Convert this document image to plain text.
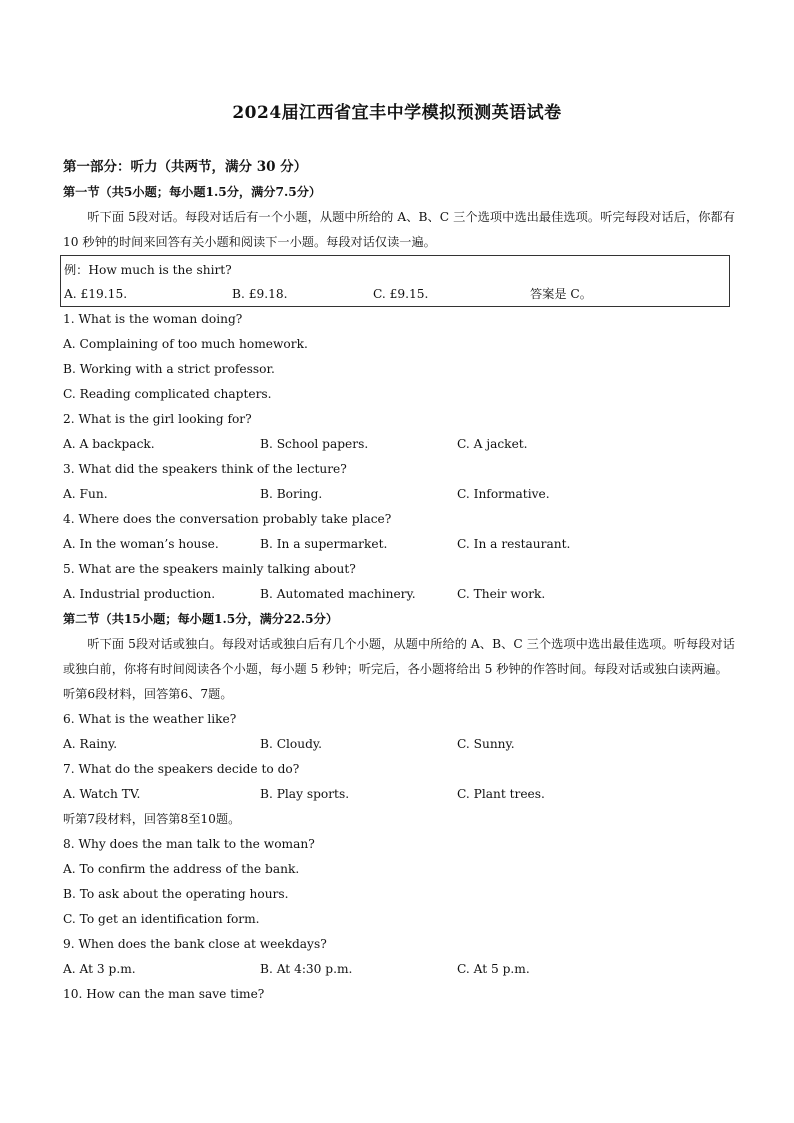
2024届江西省宜丰中学模拟预测英语试卷
第一部分：听力（共两节，满分 30 分）
第一节（共5小题；每小题1.5分，满分7.5分）

听下面 5段对话。每段对话后有一个小题，从题中所给的 A、B、C 三个选项中选出最佳选项。听完每段对话后，你都有 10 秒钟的时间来回答有关小题和阅读下一小题。每段对话仅读一遍。

例：How much is the shirt?
A. £19.15.	B. £9.18.	C. £9.15.	答案是 C。
1. What is the woman doing?
A. Complaining of too much homework.
B. Working with a strict professor.
C. Reading complicated chapters.
2. What is the girl looking for?
A. A backpack.	B. School papers.	C. A jacket.
3. What did the speakers think of the lecture?
A. Fun.	B. Boring.	C. Informative.
4. Where does the conversation probably take place?
A. In the woman’s house.	B. In a supermarket.	C. In a restaurant.
5. What are the speakers mainly talking about?
A. Industrial production.	B. Automated machinery.	C. Their work.
第二节（共15小题；每小题1.5分，满分22.5分）

听下面 5段对话或独白。每段对话或独白后有几个小题，从题中所给的 A、B、C 三个选项中选出最佳选项。听每段对话或独白前，你将有时间阅读各个小题，每小题 5 秒钟；听完后，各小题将给出 5 秒钟的作答时间。每段对话或独白读两遍。

听第6段材料，回答第6、7题。
6. What is the weather like?
A. Rainy.	B. Cloudy.	C. Sunny.
7. What do the speakers decide to do?
A. Watch TV.	B. Play sports.	C. Plant trees.
听第7段材料，回答第8至10题。
8. Why does the man talk to the woman?
A. To confirm the address of the bank.
B. To ask about the operating hours.
C. To get an identification form.
9. When does the bank close at weekdays?
A. At 3 p.m.	B. At 4:30 p.m.	C. At 5 p.m.
10. How can the man save time?
